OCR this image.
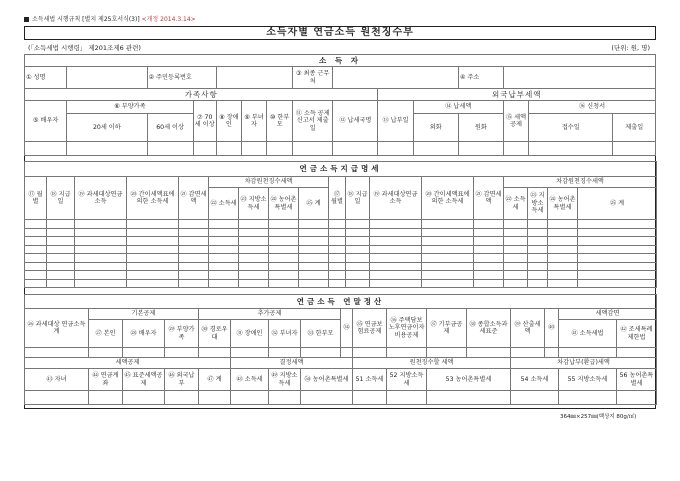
소득세법 시행규칙 [별지 제25호서식(3)] <개정 2014.3.14>
소득자별 연금소득 원천징수부
(「소득세법 시행령」 제201조제6 관련)	(단위: 원, 명)
소 득 자														
① 성명		② 주민등록번호					③ 최종 근무처				④ 주소			
가족사항									외국납부세액					
⑤ 배우자	⑥ 부양가족		⑦ 70세 이상	⑧ 장애인	⑨ 부녀자	⑩ 한부모	⑪ 소득 공제 신고서 제출일	⑫ 납세국명	⑬ 납부일	⑭ 납세액		⑮ 세액 공제	⑯ 신청서	
	20세 이하	60세 이상								외화	원화		접수일	제출일

연금소득지급명세																	
⑰ 월별	⑱ 지급일	⑲ 과세대상연금소득	⑳ 간이세액표에 의한 소득세	㉑ 감면세액	차감원천징수세액				⑰ 월별	⑱ 지급일	⑲ 과세대상연금소득	⑳ 간이세액표에 의한 소득세	㉑ 감면세액	차감원천징수세액			
					㉒ 소득세	㉓ 지방소득세	㉔ 농어촌특별세	㉕ 계						㉒ 소득세	㉓ 지방소득세	㉔ 농어촌특별세	㉕ 계

연금소득 연말정산																
㉖ 과세대상 연금소득 계	기본공제			추가공제				㉞	㉟ 연금보험료공제	㊱ 주택담보노후연금이자비용공제	㊲ 기부금공제	㊳ 종합소득과세표준	㊴ 산출세액	㊵	세액감면	
	㉗ 본인	㉘ 배우자	㉙ 부양가족	㉚ 경로우대	㉛ 장애인	㉜ 부녀자	㉝ 한부모								㊶ 소득세법	㊷ 조세특례제한법

세액공제					결정세액				원천징수할 세액				차감납부(환급)세액			
㊸ 자녀	㊹ 연금계좌	㊺ 표준세액공제	㊻ 외국납부	㊼ 계	㊽ 소득세	㊾ 지방소득세	㊿ 농어촌특별세		51 소득세	52 지방소득세	53 농어촌특별세		54 소득세		55 지방소득세	56 농어촌특별세

364㎜×257㎜(백상지 80g/㎡)
